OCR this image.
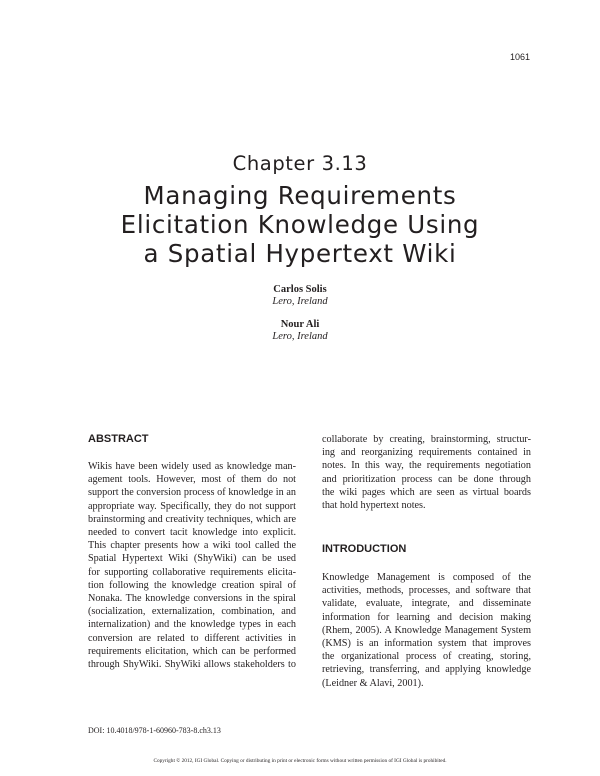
1061
Chapter 3.13
Managing Requirements
Elicitation Knowledge Using
a Spatial Hypertext Wiki
Carlos Solis
Lero, Ireland
Nour Ali
Lero, Ireland
ABSTRACT
Wikis have been widely used as knowledge man-
agement tools. However, most of them do not
support the conversion process of knowledge in an
appropriate way. Specifically, they do not support
brainstorming and creativity techniques, which are
needed to convert tacit knowledge into explicit.
This chapter presents how a wiki tool called the
Spatial Hypertext Wiki (ShyWiki) can be used
for supporting collaborative requirements elicita-
tion following the knowledge creation spiral of
Nonaka. The knowledge conversions in the spiral
(socialization, externalization, combination, and
internalization) and the knowledge types in each
conversion are related to different activities in
requirements elicitation, which can be performed
through ShyWiki. ShyWiki allows stakeholders to
collaborate by creating, brainstorming, structur-
ing and reorganizing requirements contained in
notes. In this way, the requirements negotiation
and prioritization process can be done through
the wiki pages which are seen as virtual boards
that hold hypertext notes.
INTRODUCTION
Knowledge Management is composed of the
activities, methods, processes, and software that
validate, evaluate, integrate, and disseminate
information for learning and decision making
(Rhem, 2005). A Knowledge Management System
(KMS) is an information system that improves
the organizational process of creating, storing,
retrieving, transferring, and applying knowledge
(Leidner & Alavi, 2001).
DOI: 10.4018/978-1-60960-783-8.ch3.13
Copyright © 2012, IGI Global. Copying or distributing in print or electronic forms without written permission of IGI Global is prohibited.
